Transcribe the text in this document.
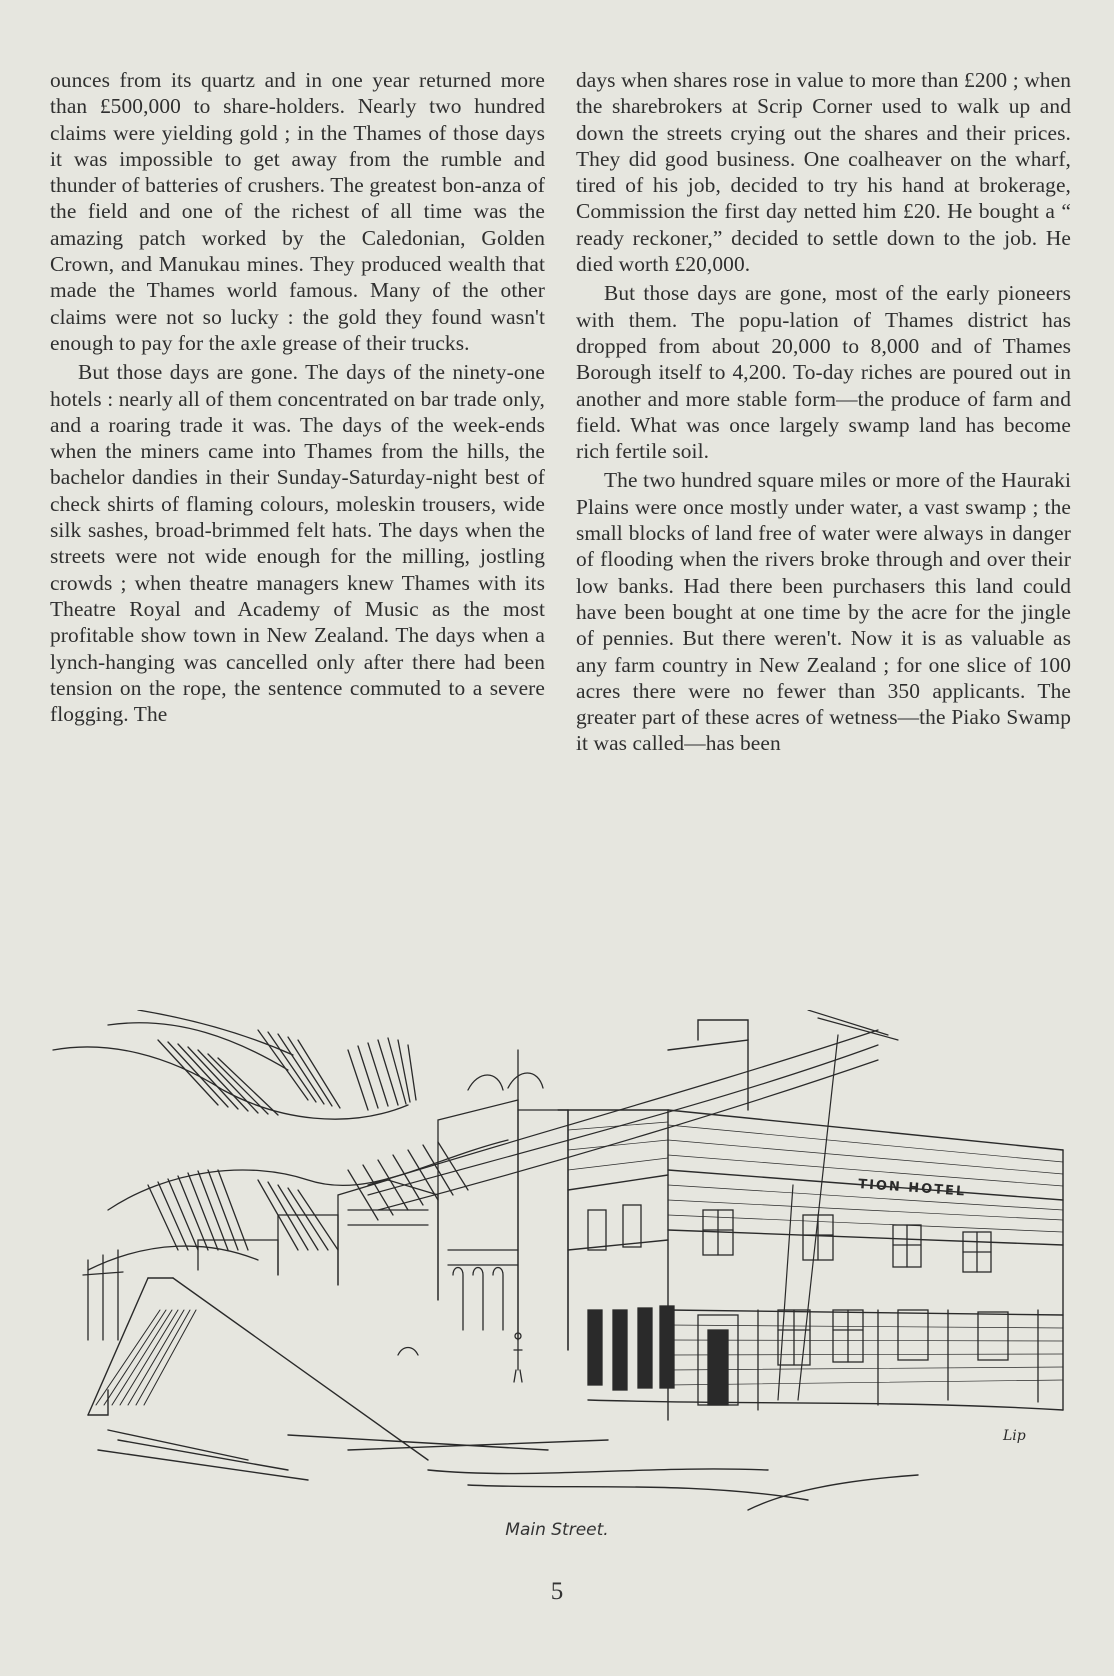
ounces from its quartz and in one year returned more than £500,000 to share-holders. Nearly two hundred claims were yielding gold ; in the Thames of those days it was impossible to get away from the rumble and thunder of batteries of crushers. The greatest bon-anza of the field and one of the richest of all time was the amazing patch worked by the Caledonian, Golden Crown, and Manukau mines. They produced wealth that made the Thames world famous. Many of the other claims were not so lucky : the gold they found wasn't enough to pay for the axle grease of their trucks.

But those days are gone. The days of the ninety-one hotels : nearly all of them concentrated on bar trade only, and a roaring trade it was. The days of the week-ends when the miners came into Thames from the hills, the bachelor dandies in their Sunday-Saturday-night best of check shirts of flaming colours, moleskin trousers, wide silk sashes, broad-brimmed felt hats. The days when the streets were not wide enough for the milling, jostling crowds ; when theatre managers knew Thames with its Theatre Royal and Academy of Music as the most profitable show town in New Zealand. The days when a lynch-hanging was cancelled only after there had been tension on the rope, the sentence commuted to a severe flogging. The

days when shares rose in value to more than £200 ; when the sharebrokers at Scrip Corner used to walk up and down the streets crying out the shares and their prices. They did good business. One coalheaver on the wharf, tired of his job, decided to try his hand at brokerage, Commission the first day netted him £20. He bought a “ ready reckoner,” decided to settle down to the job. He died worth £20,000.

But those days are gone, most of the early pioneers with them. The popu-lation of Thames district has dropped from about 20,000 to 8,000 and of Thames Borough itself to 4,200. To-day riches are poured out in another and more stable form—the produce of farm and field. What was once largely swamp land has become rich fertile soil.

The two hundred square miles or more of the Hauraki Plains were once mostly under water, a vast swamp ; the small blocks of land free of water were always in danger of flooding when the rivers broke through and over their low banks. Had there been purchasers this land could have been bought at one time by the acre for the jingle of pennies. But there weren't. Now it is as valuable as any farm country in New Zealand ; for one slice of 100 acres there were no fewer than 350 applicants. The greater part of these acres of wetness—the Piako Swamp it was called—has been

TION HOTEL
Lip
Main Street.
5
